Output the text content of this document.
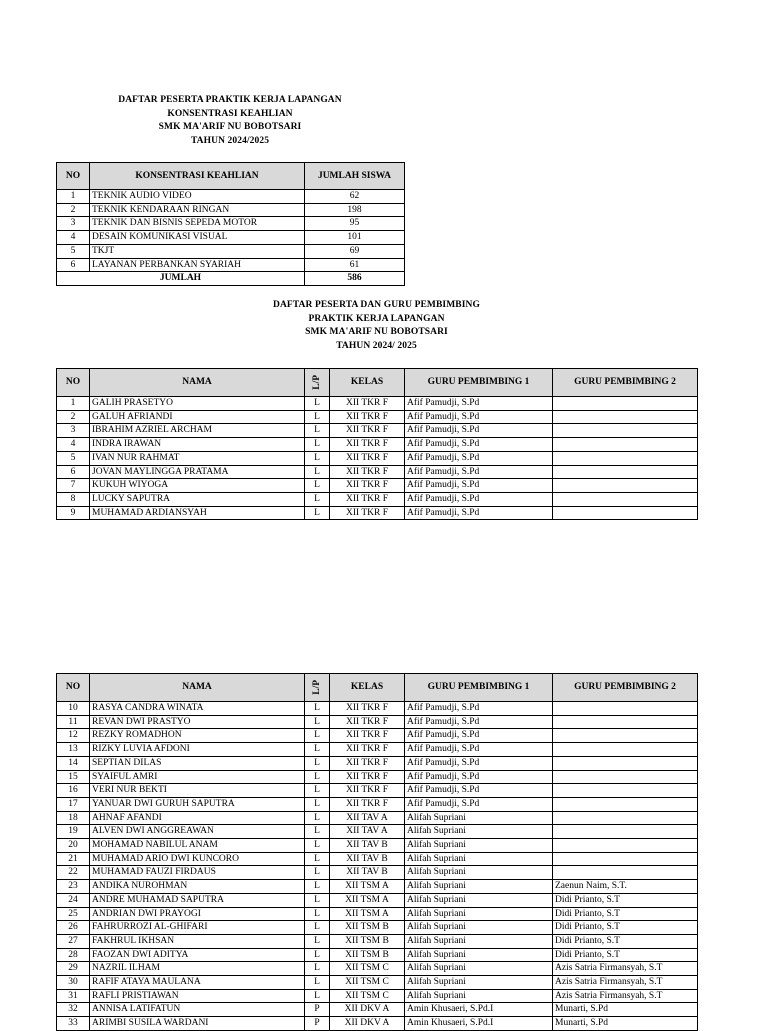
DAFTAR PESERTA PRAKTIK KERJA LAPANGAN
KONSENTRASI KEAHLIAN
SMK MA'ARIF NU BOBOTSARI
TAHUN 2024/2025
NO	KONSENTRASI KEAHLIAN	JUMLAH SISWA
1	TEKNIK AUDIO VIDEO	62
2	TEKNIK KENDARAAN RINGAN	198
3	TEKNIK DAN BISNIS SEPEDA MOTOR	95
4	DESAIN KOMUNIKASI VISUAL	101
5	TKJT	69
6	LAYANAN PERBANKAN SYARIAH	61
JUMLAH		586
DAFTAR PESERTA DAN GURU PEMBIMBING
PRAKTIK KERJA LAPANGAN
SMK MA'ARIF NU BOBOTSARI
TAHUN 2024/ 2025
NO	NAMA	L/P	KELAS	GURU PEMBIMBING 1	GURU PEMBIMBING 2
1	GALIH PRASETYO	L	XII TKR F	Afif Pamudji, S.Pd	
2	GALUH AFRIANDI	L	XII TKR F	Afif Pamudji, S.Pd	
3	IBRAHIM AZRIEL ARCHAM	L	XII TKR F	Afif Pamudji, S.Pd	
4	INDRA IRAWAN	L	XII TKR F	Afif Pamudji, S.Pd	
5	IVAN NUR RAHMAT	L	XII TKR F	Afif Pamudji, S.Pd	
6	JOVAN MAYLINGGA PRATAMA	L	XII TKR F	Afif Pamudji, S.Pd	
7	KUKUH WIYOGA	L	XII TKR F	Afif Pamudji, S.Pd	
8	LUCKY SAPUTRA	L	XII TKR F	Afif Pamudji, S.Pd	
9	MUHAMAD ARDIANSYAH	L	XII TKR F	Afif Pamudji, S.Pd	
NO	NAMA	L/P	KELAS	GURU PEMBIMBING 1	GURU PEMBIMBING 2
10	RASYA CANDRA WINATA	L	XII TKR F	Afif Pamudji, S.Pd	
11	REVAN DWI PRASTYO	L	XII TKR F	Afif Pamudji, S.Pd	
12	REZKY ROMADHON	L	XII TKR F	Afif Pamudji, S.Pd	
13	RIZKY LUVIA AFDONI	L	XII TKR F	Afif Pamudji, S.Pd	
14	SEPTIAN DILAS	L	XII TKR F	Afif Pamudji, S.Pd	
15	SYAIFUL AMRI	L	XII TKR F	Afif Pamudji, S.Pd	
16	VERI NUR BEKTI	L	XII TKR F	Afif Pamudji, S.Pd	
17	YANUAR DWI GURUH SAPUTRA	L	XII TKR F	Afif Pamudji, S.Pd	
18	AHNAF AFANDI	L	XII TAV A	Alifah Supriani	
19	ALVEN DWI ANGGREAWAN	L	XII TAV A	Alifah Supriani	
20	MOHAMAD NABILUL ANAM	L	XII TAV B	Alifah Supriani	
21	MUHAMAD ARIO DWI KUNCORO	L	XII TAV B	Alifah Supriani	
22	MUHAMAD FAUZI FIRDAUS	L	XII TAV B	Alifah Supriani	
23	ANDIKA NUROHMAN	L	XII TSM A	Alifah Supriani	Zaenun Naim, S.T.
24	ANDRE MUHAMAD SAPUTRA	L	XII TSM A	Alifah Supriani	Didi Prianto, S.T
25	ANDRIAN DWI PRAYOGI	L	XII TSM A	Alifah Supriani	Didi Prianto, S.T
26	FAHRURROZI AL-GHIFARI	L	XII TSM B	Alifah Supriani	Didi Prianto, S.T
27	FAKHRUL IKHSAN	L	XII TSM B	Alifah Supriani	Didi Prianto, S.T
28	FAOZAN DWI ADITYA	L	XII TSM B	Alifah Supriani	Didi Prianto, S.T
29	NAZRIL ILHAM	L	XII TSM C	Alifah Supriani	Azis Satria Firmansyah, S.T
30	RAFIF ATAYA MAULANA	L	XII TSM C	Alifah Supriani	Azis Satria Firmansyah, S.T
31	RAFLI PRISTIAWAN	L	XII TSM C	Alifah Supriani	Azis Satria Firmansyah, S.T
32	ANNISA LATIFATUN	P	XII DKV A	Amin Khusaeri, S.Pd.I	Munarti, S.Pd
33	ARIMBI SUSILA WARDANI	P	XII DKV A	Amin Khusaeri, S.Pd.I	Munarti, S.Pd
